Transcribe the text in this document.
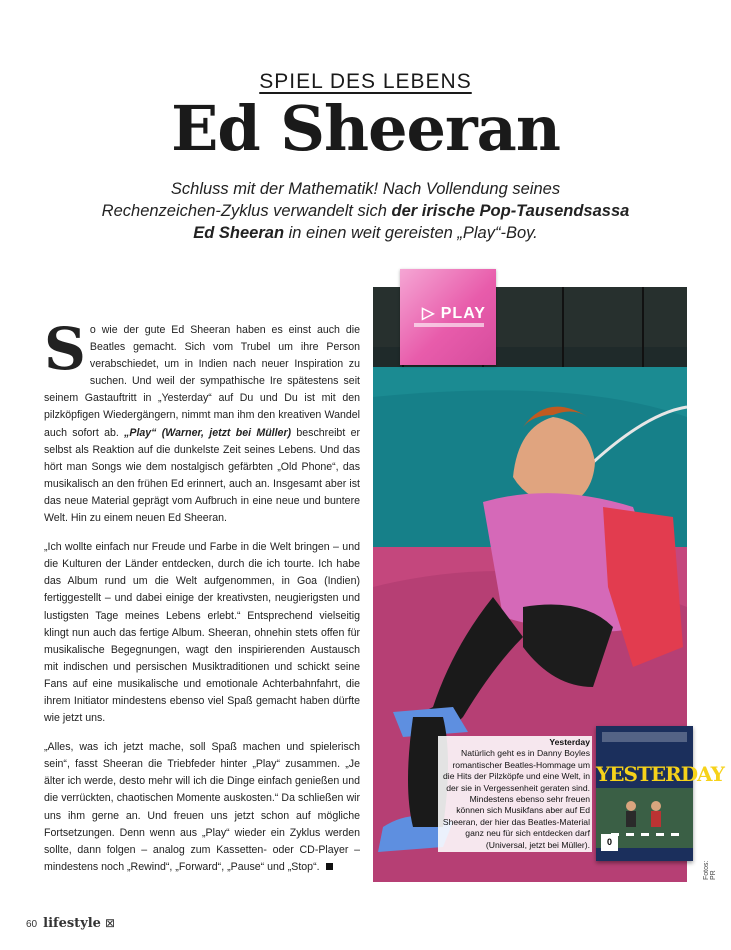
SPIEL DES LEBENS
Ed Sheeran
Schluss mit der Mathematik! Nach Vollendung seines
Rechenzeichen-Zyklus verwandelt sich der irische Pop-Tausendsassa
Ed Sheeran in einen weit gereisten „Play“-Boy.

So wie der gute Ed Sheeran haben es einst auch die Beatles gemacht. Sich vom Trubel um ihre Person verabschiedet, um in Indien nach neuer Inspiration zu suchen. Und weil der sympathische Ire spätestens seit seinem Gastauftritt in „Yesterday“ auf Du und Du ist mit den pilzköpfigen Wiedergängern, nimmt man ihm den kreativen Wandel auch sofort ab. „Play“ (Warner, jetzt bei Müller) beschreibt er selbst als Reaktion auf die dunkelste Zeit seines Lebens. Und das hört man Songs wie dem nostalgisch gefärbten „Old Phone“, das musikalisch an den frühen Ed erinnert, auch an. Insgesamt aber ist das neue Material geprägt vom Aufbruch in eine neue und buntere Welt. Hin zu einem neuen Ed Sheeran.

„Ich wollte einfach nur Freude und Farbe in die Welt bringen – und die Kulturen der Länder entdecken, durch die ich tourte. Ich habe das Album rund um die Welt aufgenommen, in Goa (Indien) fertiggestellt – und dabei einige der kreativsten, neugierigsten und lustigsten Tage meines Lebens erlebt.“ Entsprechend vielseitig klingt nun auch das fertige Album. Sheeran, ohnehin stets offen für musikalische Begegnungen, wagt den inspirierenden Austausch mit indischen und persischen Musiktraditionen und schickt seine Fans auf eine musikalische und emotionale Achterbahnfahrt, die ihrem Initiator mindestens ebenso viel Spaß gemacht haben dürfte wie jetzt uns.

„Alles, was ich jetzt mache, soll Spaß machen und spielerisch sein“, fasst Sheeran die Triebfeder hinter „Play“ zusammen. „Je älter ich werde, desto mehr will ich die Dinge einfach genießen und die verrückten, chaotischen Momente auskosten.“ Da schließen wir uns ihm gerne an. Und freuen uns jetzt schon auf mögliche Fortsetzungen. Denn wenn aus „Play“ wieder ein Zyklus werden sollte, dann folgen – analog zum Kassetten- oder CD-Player – mindestens noch „Rewind“, „Forward“, „Pause“ und „Stop“.

▷ PLAY
Yesterday
Natürlich geht es in Danny Boyles romantischer Beatles-Hommage um die Hits der Pilzköpfe und eine Welt, in der sie in Vergessenheit geraten sind. Mindestens ebenso sehr freuen können sich Musikfans aber auf Ed Sheeran, der hier das Beatles-Material ganz neu für sich entdecken darf (Universal, jetzt bei Müller).
YESTERDAY
0
Fotos: PR
60 lifestyle ⊠
